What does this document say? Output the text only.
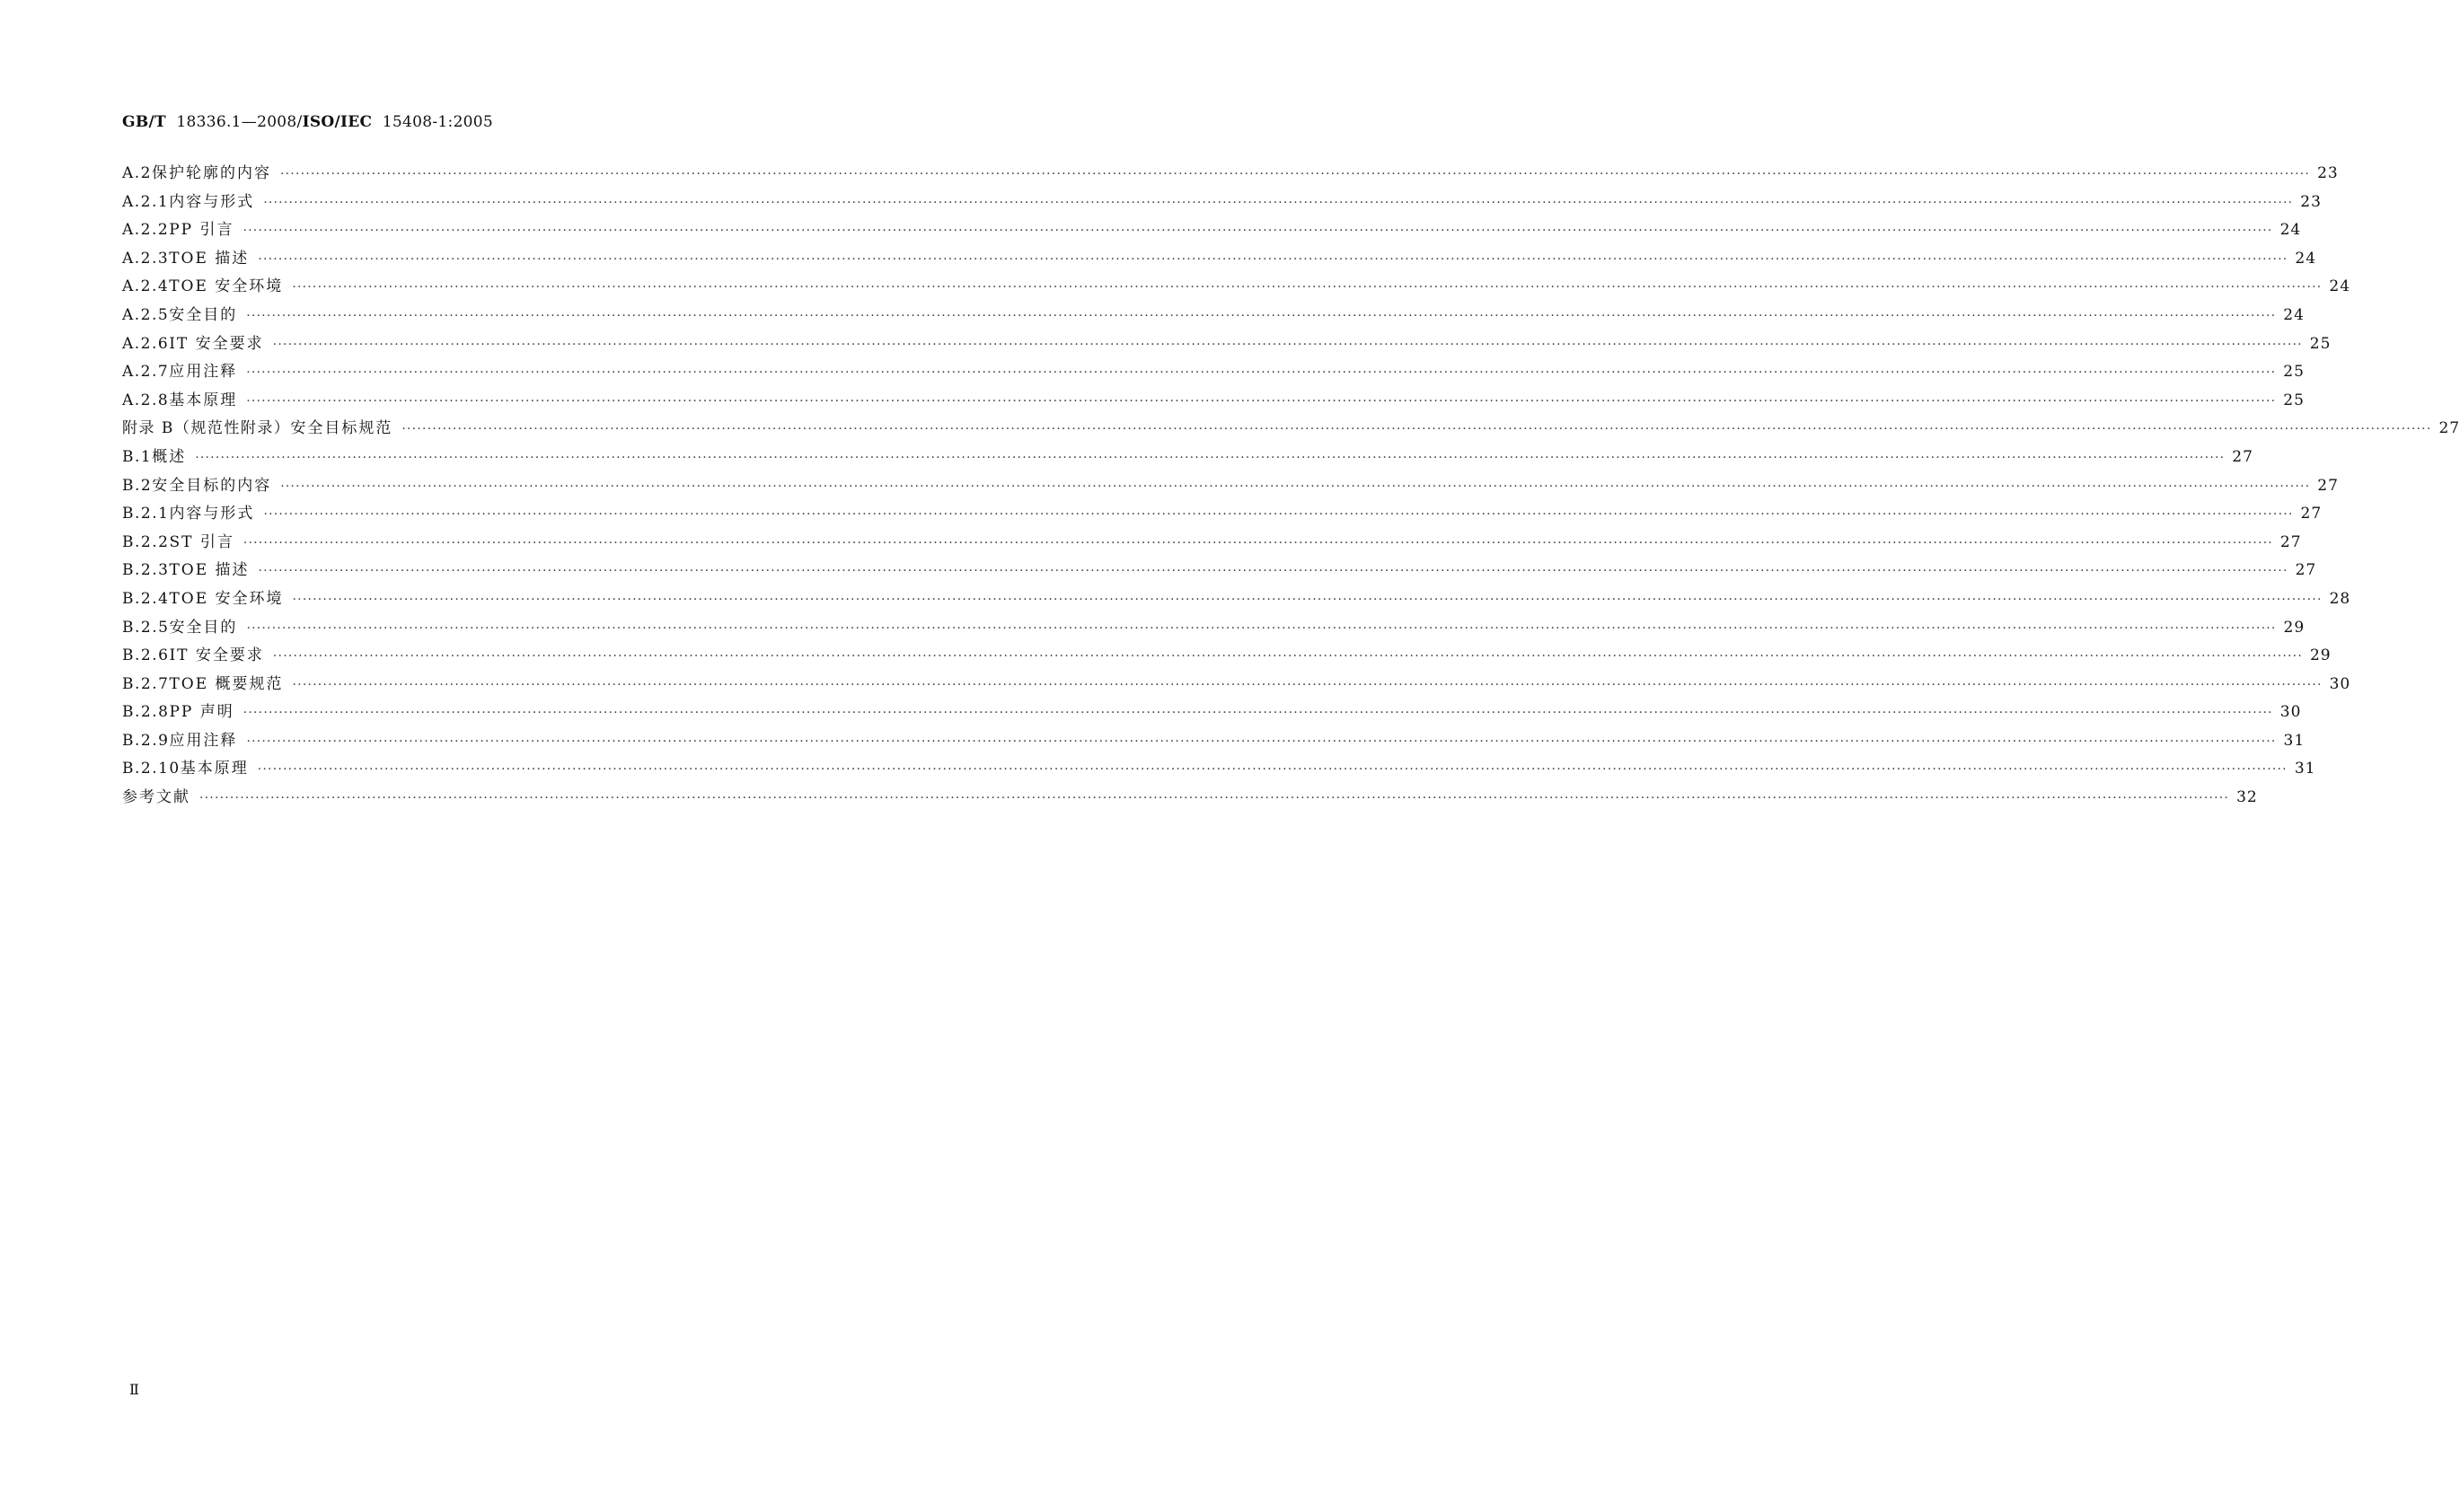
GB/T 18336.1—2008/ISO/IEC 15408-1:2005
A.2 保护轮廓的内容 ················································································································································································································································································································································································································ 23
A.2.1 内容与形式 ················································································································································································································································································································································································································ 23
A.2.2 PP 引言 ················································································································································································································································································································································································································ 24
A.2.3 TOE 描述 ················································································································································································································································································································································································································ 24
A.2.4 TOE 安全环境 ················································································································································································································································································································································································································ 24
A.2.5 安全目的 ················································································································································································································································································································································································································ 24
A.2.6 IT 安全要求 ················································································································································································································································································································································································································ 25
A.2.7 应用注释 ················································································································································································································································································································································································································ 25
A.2.8 基本原理 ················································································································································································································································································································································································································ 25
附录 B（规范性附录） 安全目标规范 ················································································································································································································································································································································································································ 27
B.1 概述 ················································································································································································································································································································································································································ 27
B.2 安全目标的内容 ················································································································································································································································································································································································································ 27
B.2.1 内容与形式 ················································································································································································································································································································································································································ 27
B.2.2 ST 引言 ················································································································································································································································································································································································································ 27
B.2.3 TOE 描述 ················································································································································································································································································································································································································ 27
B.2.4 TOE 安全环境 ················································································································································································································································································································································································································ 28
B.2.5 安全目的 ················································································································································································································································································································································································································ 29
B.2.6 IT 安全要求 ················································································································································································································································································································································································································ 29
B.2.7 TOE 概要规范 ················································································································································································································································································································································································································ 30
B.2.8 PP 声明 ················································································································································································································································································································································································································ 30
B.2.9 应用注释 ················································································································································································································································································································································································································ 31
B.2.10 基本原理 ················································································································································································································································································································································································································ 31
参考文献 ················································································································································································································································································································································································································ 32
Ⅱ
